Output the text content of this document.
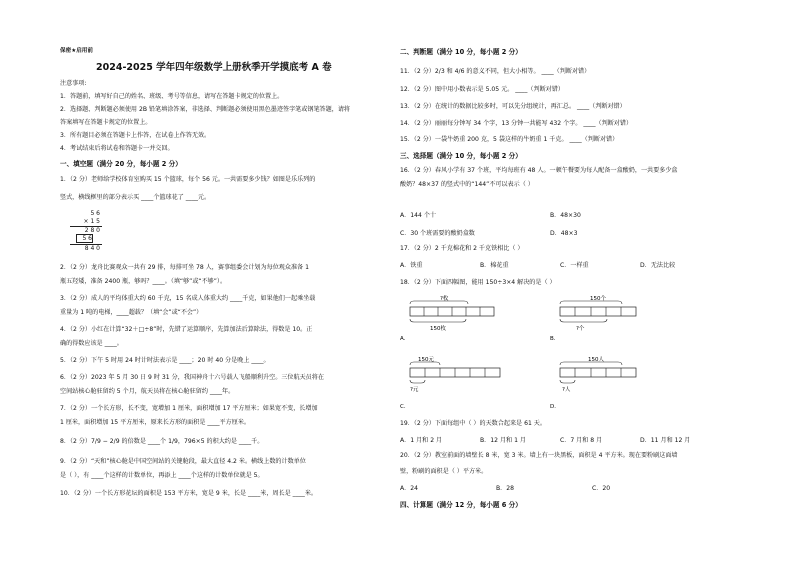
保密★启用前
2024-2025 学年四年级数学上册秋季开学摸底考 A 卷
注意事项:
1．答题前，填写好自己的姓名、班级、考号等信息，请写在答题卡规定的位置上。
2．选择题、判断题必须使用 2B 铅笔填涂答案，非选择、判断题必须使用黑色墨迹签字笔或钢笔答题，请将
答案填写在答题卡规定的位置上。
3．所有题目必须在答题卡上作答，在试卷上作答无效。
4．考试结束后将试卷和答题卡一并交回。
一、填空题（满分 20 分，每小题 2 分）
1．（2 分）老师给学校体育室购买 15 个篮球，每个 56 元。一共需要多少钱？如图是乐乐列的
竖式，横线框里的部分表示买 ____个篮球花了 ____元。
5 6
× 1 5
2 8 0
5 6
8 4 0
2．（2 分）龙舟比赛观众一共有 29 排，每排可坐 78 人，赛事组委会计划为每位观众准备 1
瓶五羟矮，准备 2400 瓶，够吗？____。（填“够”或“不够”）。
3．（2 分）成人的平均体重大约 60 千克，15 名成人体重大约 ____千克，如果他们一起乘坐载
重量为 1 吨的电梯，____超载？（填“会”或“不会”）
4．（2 分）小红在计算“32＋□÷8”时，先错了运算顺序，先算加法后算除法，得数是 10。正
确的得数应该是 ____。
5．（2 分）下午 5 时用 24 时计时法表示是 ____；20 时 40 分是晚上 ____。
6．（2 分）2023 年 5 月 30 日 9 时 31 分，我国神舟十六号载人飞船顺利升空。三位航天员将在
空间站核心舱驻留约 5 个月，航天员将在核心舱驻留约 ____年。
7．（2 分）一个长方形，长不变，宽增加 1 厘米，面积增加 17 平方厘米；如果宽不变，长增加
1 厘米，面积增加 15 平方厘米，原来长方形的面积是 ____平方厘米。
8．（2 分）7/9 − 2/9 的倍数是 ____个 1/9，796×5 的积大约是 ____千。
9．（2 分）“天和”核心舱是中国空间站的关键舱段，最大直径 4.2 米。横线上数的计数单位
是（ ），有 ____个这样的计数单位，再添上 ____个这样的计数单位就是 5。
10．（2 分）一个长方形花坛的面积是 153 平方米，宽是 9 米，长是 ____米，周长是 ____米。
二、判断题（满分 10 分，每小题 2 分）
11．（2 分）2/3 和 4/6 的意义不同，但大小相等。 ____（判断对错）
12．（2 分）图中用小数表示是 5.05 元。 ____（判断对错）
13．（2 分）在统计的数据比较多时，可以先分组统计，再汇总。 ____（判断对错）
14．（2 分）丽丽每分钟写 34 个字，13 分钟一共能写 432 个字。 ____（判断对错）
15．（2 分）一袋牛奶重 200 克，5 袋这样的牛奶重 1 千克。 ____（判断对错）
三、选择题（满分 10 分，每小题 2 分）
16．（2 分）春风小学有 37 个班，平均每班有 48 人。一顿午餐要为每人配备一盒酸奶，一共要多少盒
酸奶？48×37 的竖式中的“144”不可以表示（ ）
A．144 个十	B．48×30
C．30 个班需要的酸奶盒数	D．48×3
17．（2 分）2 千克棉花和 2 千克铁相比（ ）
A．铁重	B．棉花重	C．一样重	D．无法比较
18．（2 分）下面四幅图，能用 150÷3×4 解决的是（ ）
?枚
150枚
A．
150个
?个
150元
?元
C．
150人
?人
D．
B．
19．（2 分）下面每组中（ ）的天数合起来是 61 天。
A．1 月和 2 月	B．12 月和 1 月	C．7 月和 8 月	D．11 月和 12 月
20．（2 分）教室前面的墙壁长 8 米，宽 3 米。墙上有一块黑板，面积是 4 平方米。现在要粉刷这面墙
壁，粉刷的面积是（ ）平方米。
A．24	B．28	C．20
四、计算题（满分 12 分，每小题 6 分）
